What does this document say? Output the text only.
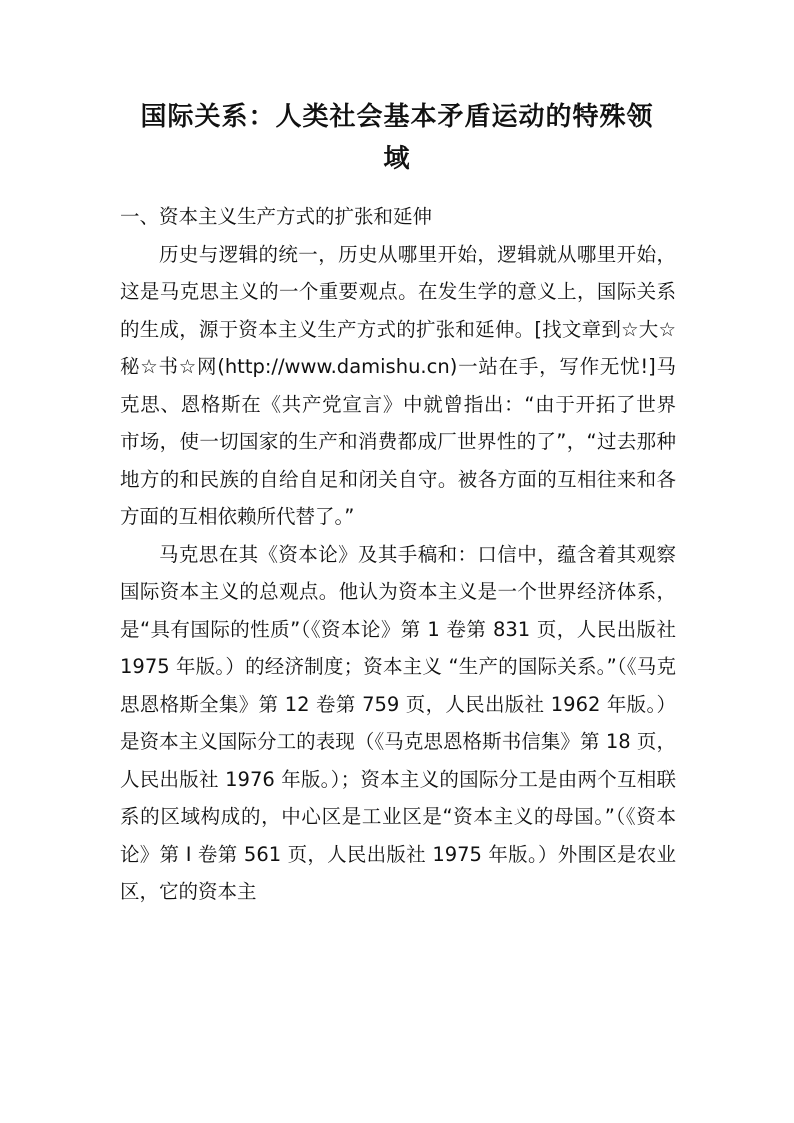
国际关系：人类社会基本矛盾运动的特殊领
域
一、资本主义生产方式的扩张和延伸

历史与逻辑的统一，历史从哪里开始，逻辑就从哪里开始，这是马克思主义的一个重要观点。在发生学的意义上，国际关系的生成，源于资本主义生产方式的扩张和延伸。[找文章到☆大☆秘☆书☆网(http://www.damishu.cn)一站在手，写作无忧!]马克思、恩格斯在《共产党宣言》中就曾指出：“由于开拓了世界市场，使一切国家的生产和消费都成厂世界性的了”，“过去那种地方的和民族的自给自足和闭关自守。被各方面的互相往来和各方面的互相依赖所代替了。”

马克思在其《资本论》及其手稿和：口信中，蕴含着其观察国际资本主义的总观点。他认为资本主义是一个世界经济体系，是“具有国际的性质”（《资本论》第 1 卷第 831 页，人民出版社 1975 年版。）的经济制度；资本主义 “生产的国际关系。”（《马克思恩格斯全集》第 12 卷第 759 页，人民出版社 1962 年版。）是资本主义国际分工的表现（《马克思恩格斯书信集》第 18 页，人民出版社 1976 年版。）；资本主义的国际分工是由两个互相联系的区域构成的，中心区是工业区是“资本主义的母国。”（《资本论》第 I 卷第 561 页，人民出版社 1975 年版。）外围区是农业区，它的资本主
